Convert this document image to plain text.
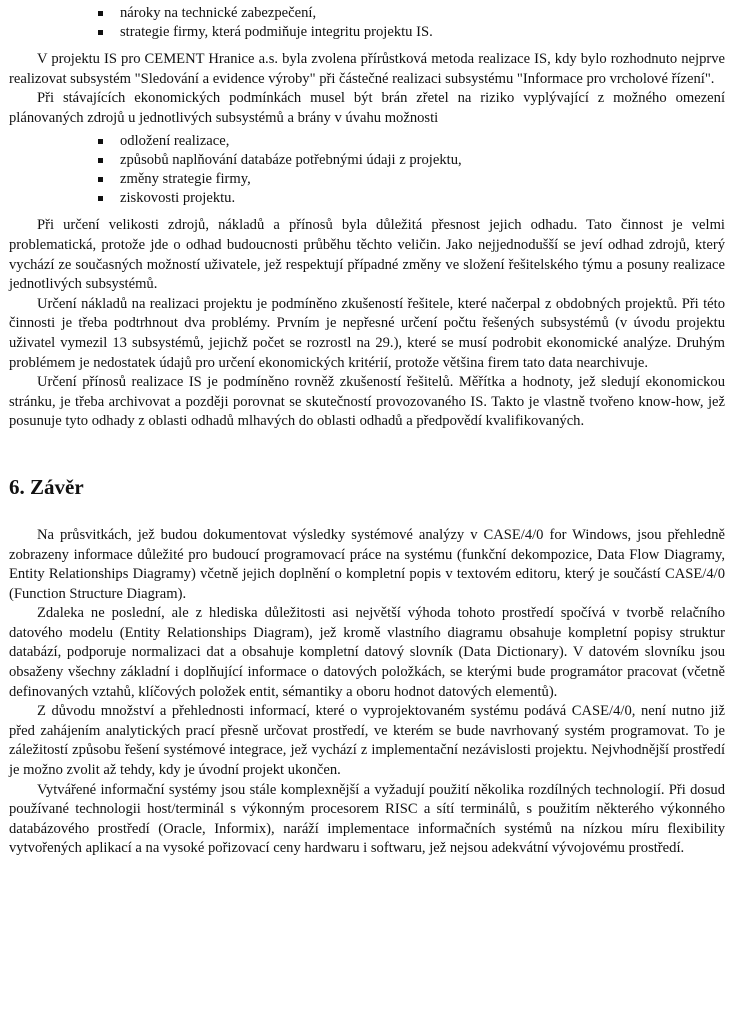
nároky na technické zabezpečení,
strategie firmy, která podmiňuje integritu projektu IS.

V projektu IS pro CEMENT Hranice a.s. byla zvolena přírůstková metoda realizace IS, kdy bylo rozhodnuto nejprve realizovat subsystém "Sledování a evidence výroby" při částečné realizaci subsystému "Informace pro vrcholové řízení".

Při stávajících ekonomických podmínkách musel být brán zřetel na riziko vyplývající z možného omezení plánovaných zdrojů u jednotlivých subsystémů a brány v úvahu možnosti

odložení realizace,
způsobů naplňování databáze potřebnými údaji z projektu,
změny strategie firmy,
ziskovosti projektu.

Při určení velikosti zdrojů, nákladů a přínosů byla důležitá přesnost jejich odhadu. Tato činnost je velmi problematická, protože jde o odhad budoucnosti průběhu těchto veličin. Jako nejjednodušší se jeví odhad zdrojů, který vychází ze současných možností uživatele, jež respektují případné změny ve složení řešitelského týmu a posuny realizace jednotlivých subsystémů.

Určení nákladů na realizaci projektu je podmíněno zkušeností řešitele, které načerpal z obdobných projektů. Při této činnosti je třeba podtrhnout dva problémy. Prvním je nepřesné určení počtu řešených subsystémů (v úvodu projektu uživatel vymezil 13 subsystémů, jejichž počet se rozrostl na 29.), které se musí podrobit ekonomické analýze. Druhým problémem je nedostatek údajů pro určení ekonomických kritérií, protože většina firem tato data nearchivuje.

Určení přínosů realizace IS je podmíněno rovněž zkušeností řešitelů. Měřítka a hodnoty, jež sledují ekonomickou stránku, je třeba archivovat a později porovnat se skutečností provozovaného IS. Takto je vlastně tvořeno know-how, jež posunuje tyto odhady z oblasti odhadů mlhavých do oblasti odhadů a předpovědí kvalifikovaných.

6. Závěr

Na průsvitkách, jež budou dokumentovat výsledky systémové analýzy v CASE/4/0 for Windows, jsou přehledně zobrazeny informace důležité pro budoucí programovací práce na systému (funkční dekompozice, Data Flow Diagramy, Entity Relationships Diagramy) včetně jejich doplnění o kompletní popis v textovém editoru, který je součástí CASE/4/0 (Function Structure Diagram).

Zdaleka ne poslední, ale z hlediska důležitosti asi největší výhoda tohoto prostředí spočívá v tvorbě relačního datového modelu (Entity Relationships Diagram), jež kromě vlastního diagramu obsahuje kompletní popisy struktur databází, podporuje normalizaci dat a obsahuje kompletní datový slovník (Data Dictionary). V datovém slovníku jsou obsaženy všechny základní i doplňující informace o datových položkách, se kterými bude programátor pracovat (včetně definovaných vztahů, klíčových položek entit, sémantiky a oboru hodnot datových elementů).

Z důvodu množství a přehlednosti informací, které o vyprojektovaném systému podává CASE/4/0, není nutno již před zahájením analytických prací přesně určovat prostředí, ve kterém se bude navrhovaný systém programovat. To je záležitostí způsobu řešení systémové integrace, jež vychází z implementační nezávislosti projektu. Nejvhodnější prostředí je možno zvolit až tehdy, kdy je úvodní projekt ukončen.

Vytvářené informační systémy jsou stále komplexnější a vyžadují použití několika rozdílných technologií. Při dosud používané technologii host/terminál s výkonným procesorem RISC a sítí terminálů, s použitím některého výkonného databázového prostředí (Oracle, Informix), naráží implementace informačních systémů na nízkou míru flexibility vytvořených aplikací a na vysoké pořizovací ceny hardwaru i softwaru, jež nejsou adekvátní vývojovému prostředí.
